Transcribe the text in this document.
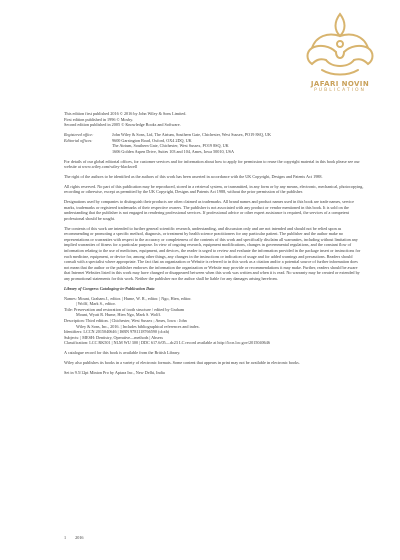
JAFARI NOVIN
PUBLICATION

This edition first published 2016 © 2016 by John Wiley & Sons Limited.
First edition published in 1996 © Mosby.
Second edition published in 2005 © Knowledge Books and Software.

Registered office:	John Wiley & Sons, Ltd, The Atrium, Southern Gate, Chichester, West Sussex, PO19 8SQ, UK
Editorial offices:	9600 Garsington Road, Oxford, OX4 2DQ, UK
The Atrium, Southern Gate, Chichester, West Sussex, PO19 8SQ, UK
1606 Golden Aspen Drive, Suites 103 and 104, Ames, Iowa 50010, USA

For details of our global editorial offices, for customer services and for information about how to apply for permission to reuse the copyright material in this book please see our website at www.wiley.com/wiley-blackwell

The right of the authors to be identified as the authors of this work has been asserted in accordance with the UK Copyright, Designs and Patents Act 1988.

All rights reserved. No part of this publication may be reproduced, stored in a retrieval system, or transmitted, in any form or by any means, electronic, mechanical, photocopying, recording or otherwise, except as permitted by the UK Copyright, Designs and Patents Act 1988, without the prior permission of the publisher.

Designations used by companies to distinguish their products are often claimed as trademarks. All brand names and product names used in this book are trade names, service marks, trademarks or registered trademarks of their respective owners. The publisher is not associated with any product or vendor mentioned in this book. It is sold on the understanding that the publisher is not engaged in rendering professional services. If professional advice or other expert assistance is required, the services of a competent professional should be sought.

The contents of this work are intended to further general scientific research, understanding, and discussion only and are not intended and should not be relied upon as recommending or promoting a specific method, diagnosis, or treatment by health science practitioners for any particular patient. The publisher and the author make no representations or warranties with respect to the accuracy or completeness of the contents of this work and specifically disclaim all warranties, including without limitation any implied warranties of fitness for a particular purpose. In view of ongoing research, equipment modifications, changes in governmental regulations, and the constant flow of information relating to the use of medicines, equipment, and devices, the reader is urged to review and evaluate the information provided in the package insert or instructions for each medicine, equipment, or device for, among other things, any changes in the instructions or indication of usage and for added warnings and precautions. Readers should consult with a specialist where appropriate. The fact that an organization or Website is referred to in this work as a citation and/or a potential source of further information does not mean that the author or the publisher endorses the information the organization or Website may provide or recommendations it may make. Further, readers should be aware that Internet Websites listed in this work may have changed or disappeared between when this work was written and when it is read. No warranty may be created or extended by any promotional statements for this work. Neither the publisher nor the author shall be liable for any damages arising herefrom.

Library of Congress Cataloging-in-Publication Data

Names: Mount, Graham J., editor. | Hume, W. R., editor. | Ngo, Hien, editor.
| Wolff, Mark S., editor.
Title: Preservation and restoration of tooth structure / edited by Graham
Mount, Wyatt R. Hume, Hien Ngo, Mark S. Wolff.
Description: Third edition. | Chichester, West Sussex ; Ames, Iowa : John
Wiley & Sons, Inc., 2016. | Includes bibliographical references and index.
Identifiers: LCCN 2015040646 | ISBN 9781118766590 (cloth)
Subjects: | MESH: Dentistry, Operative—methods | Absess
Classification: LCC RK501 | NLM WU 300 | DDC 617.6/05—dc23 LC record available at http://lccn.loc.gov/2015040646

A catalogue record for this book is available from the British Library.

Wiley also publishes its books in a variety of electronic formats. Some content that appears in print may not be available in electronic books.

Set in 9.5/12pt Minion Pro by Aptara Inc., New Delhi, India

1 2016
